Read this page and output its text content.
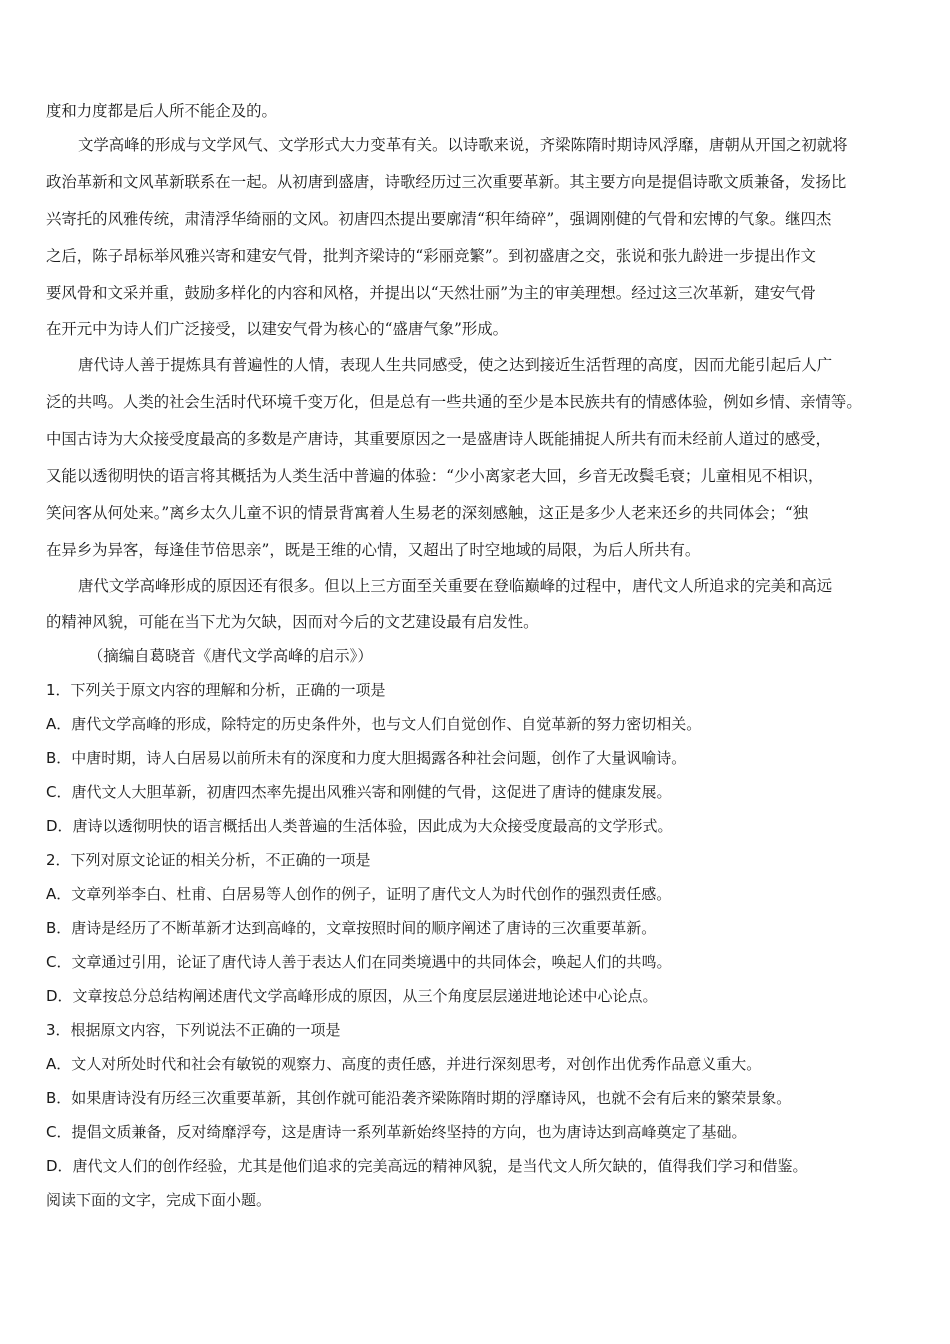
度和力度都是后人所不能企及的。
文学高峰的形成与文学风气、文学形式大力变革有关。以诗歌来说，齐梁陈隋时期诗风浮靡，唐朝从开国之初就将
政治革新和文风革新联系在一起。从初唐到盛唐，诗歌经历过三次重要革新。其主要方向是提倡诗歌文质兼备，发扬比
兴寄托的风雅传统，肃清浮华绮丽的文风。初唐四杰提出要廓清“积年绮碎”，强调刚健的气骨和宏博的气象。继四杰
之后，陈子昂标举风雅兴寄和建安气骨，批判齐梁诗的“彩丽竞繁”。到初盛唐之交，张说和张九龄进一步提出作文
要风骨和文采并重，鼓励多样化的内容和风格，并提出以“天然壮丽”为主的审美理想。经过这三次革新，建安气骨
在开元中为诗人们广泛接受，以建安气骨为核心的“盛唐气象”形成。
唐代诗人善于提炼具有普遍性的人情，表现人生共同感受，使之达到接近生活哲理的高度，因而尤能引起后人广
泛的共鸣。人类的社会生活时代环境千变万化，但是总有一些共通的至少是本民族共有的情感体验，例如乡情、亲情等。
中国古诗为大众接受度最高的多数是产唐诗，其重要原因之一是盛唐诗人既能捕捉人所共有而未经前人道过的感受，
又能以透彻明快的语言将其概括为人类生活中普遍的体验：“少小离家老大回，乡音无改鬓毛衰；儿童相见不相识，
笑问客从何处来。”离乡太久儿童不识的情景背寓着人生易老的深刻感触，这正是多少人老来还乡的共同体会；“独
在异乡为异客，每逢佳节倍思亲”，既是王维的心情，又超出了时空地域的局限，为后人所共有。
唐代文学高峰形成的原因还有很多。但以上三方面至关重要在登临巅峰的过程中，唐代文人所追求的完美和高远
的精神风貌，可能在当下尤为欠缺，因而对今后的文艺建设最有启发性。
（摘编自葛晓音《唐代文学高峰的启示》）
1．下列关于原文内容的理解和分析，正确的一项是
A．唐代文学高峰的形成，除特定的历史条件外，也与文人们自觉创作、自觉革新的努力密切相关。
B．中唐时期，诗人白居易以前所未有的深度和力度大胆揭露各种社会问题，创作了大量讽喻诗。
C．唐代文人大胆革新，初唐四杰率先提出风雅兴寄和刚健的气骨，这促进了唐诗的健康发展。
D．唐诗以透彻明快的语言概括出人类普遍的生活体验，因此成为大众接受度最高的文学形式。
2．下列对原文论证的相关分析，不正确的一项是
A．文章列举李白、杜甫、白居易等人创作的例子，证明了唐代文人为时代创作的强烈责任感。
B．唐诗是经历了不断革新才达到高峰的，文章按照时间的顺序阐述了唐诗的三次重要革新。
C．文章通过引用，论证了唐代诗人善于表达人们在同类境遇中的共同体会，唤起人们的共鸣。
D．文章按总分总结构阐述唐代文学高峰形成的原因，从三个角度层层递进地论述中心论点。
3．根据原文内容，下列说法不正确的一项是
A．文人对所处时代和社会有敏锐的观察力、高度的责任感，并进行深刻思考，对创作出优秀作品意义重大。
B．如果唐诗没有历经三次重要革新，其创作就可能沿袭齐梁陈隋时期的浮靡诗风，也就不会有后来的繁荣景象。
C．提倡文质兼备，反对绮靡浮夸，这是唐诗一系列革新始终坚持的方向，也为唐诗达到高峰奠定了基础。
D．唐代文人们的创作经验，尤其是他们追求的完美高远的精神风貌，是当代文人所欠缺的，值得我们学习和借鉴。
阅读下面的文字，完成下面小题。
